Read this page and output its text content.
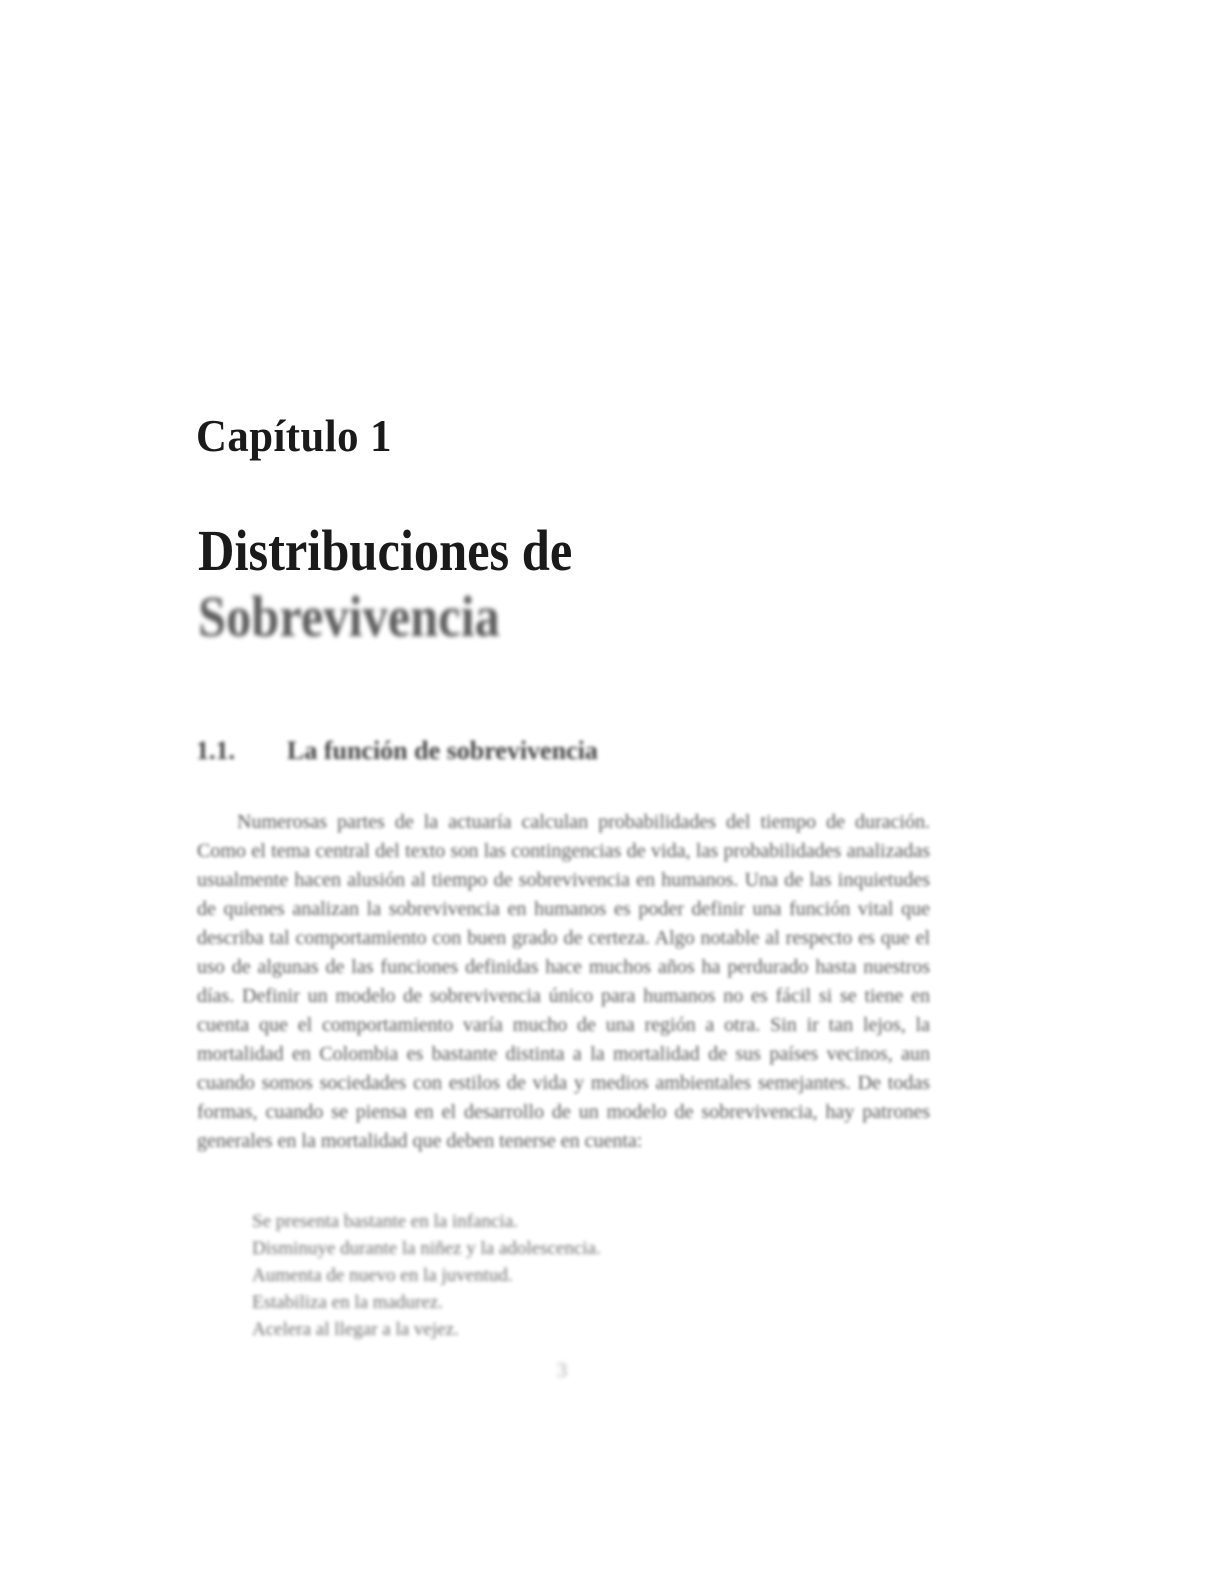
Capítulo 1
Distribuciones de
Sobrevivencia
1.1. La función de sobrevivencia
Numerosas partes de la actuaría calculan probabilidades del tiempo de duración. Como el tema central del texto son las contingencias de vida, las probabilidades analizadas usualmente hacen alusión al tiempo de sobrevivencia en humanos. Una de las inquietudes de quienes analizan la sobrevivencia en humanos es poder definir una función vital que describa tal comportamiento con buen grado de certeza. Algo notable al respecto es que el uso de algunas de las funciones definidas hace muchos años ha perdurado hasta nuestros días. Definir un modelo de sobrevivencia único para humanos no es fácil si se tiene en cuenta que el comportamiento varía mucho de una región a otra. Sin ir tan lejos, la mortalidad en Colombia es bastante distinta a la mortalidad de sus países vecinos, aun cuando somos sociedades con estilos de vida y medios ambientales semejantes. De todas formas, cuando se piensa en el desarrollo de un modelo de sobrevivencia, hay patrones generales en la mortalidad que deben tenerse en cuenta:
Se presenta bastante en la infancia.
Disminuye durante la niñez y la adolescencia.
Aumenta de nuevo en la juventud.
Estabiliza en la madurez.
Acelera al llegar a la vejez.
3
